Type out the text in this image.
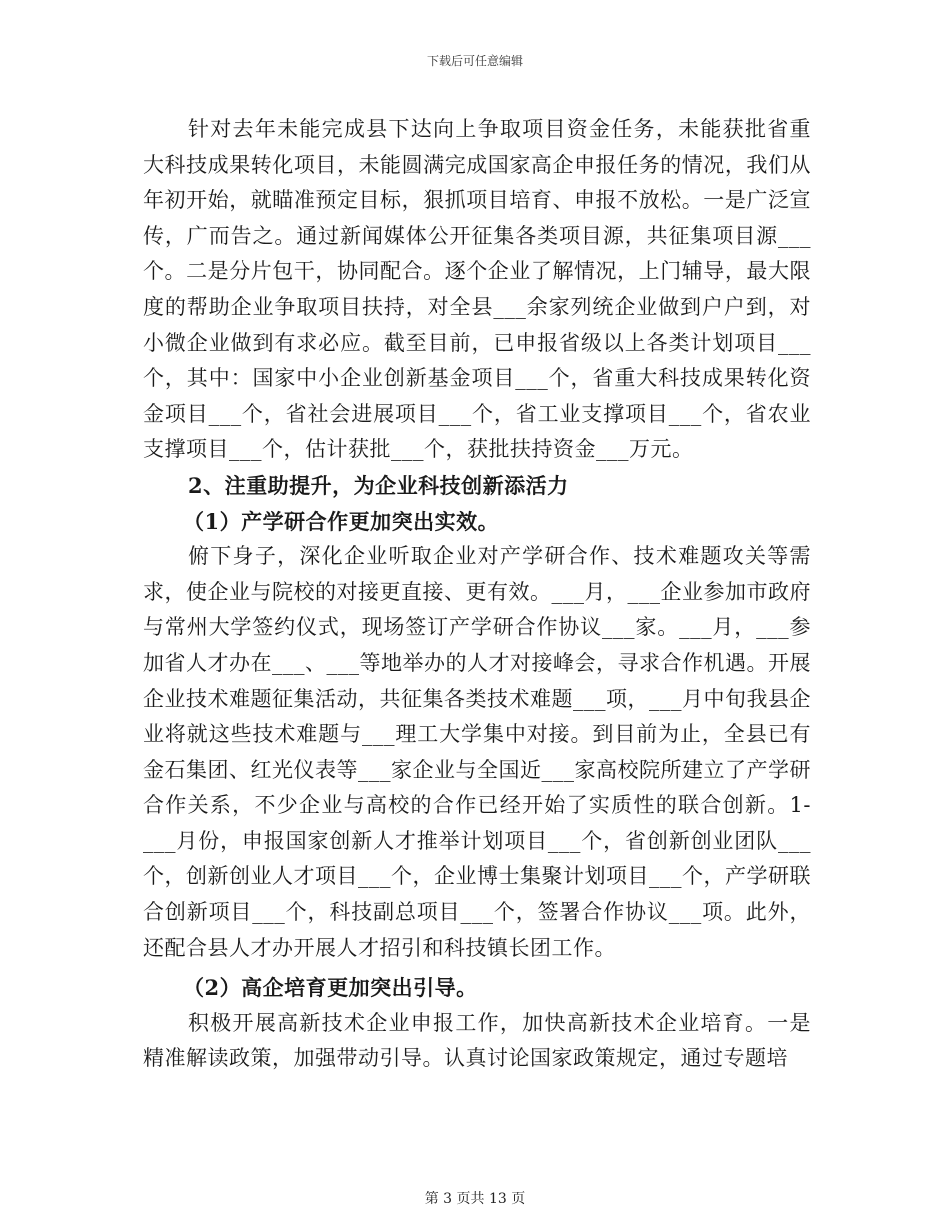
下载后可任意编辑

针对去年未能完成县下达向上争取项目资金任务，未能获批省重大科技成果转化项目，未能圆满完成国家高企申报任务的情况，我们从年初开始，就瞄准预定目标，狠抓项目培育、申报不放松。一是广泛宣传，广而告之。通过新闻媒体公开征集各类项目源，共征集项目源___个。二是分片包干，协同配合。逐个企业了解情况，上门辅导，最大限度的帮助企业争取项目扶持，对全县___余家列统企业做到户户到，对小微企业做到有求必应。截至目前，已申报省级以上各类计划项目___个，其中：国家中小企业创新基金项目___个，省重大科技成果转化资金项目___个，省社会进展项目___个，省工业支撑项目___个，省农业支撑项目___个，估计获批___个，获批扶持资金___万元。

2、注重助提升，为企业科技创新添活力

（1）产学研合作更加突出实效。

俯下身子，深化企业听取企业对产学研合作、技术难题攻关等需求，使企业与院校的对接更直接、更有效。___月，___企业参加市政府与常州大学签约仪式，现场签订产学研合作协议___家。___月，___参加省人才办在___、___等地举办的人才对接峰会，寻求合作机遇。开展企业技术难题征集活动，共征集各类技术难题___项，___月中旬我县企业将就这些技术难题与___理工大学集中对接。到目前为止，全县已有金石集团、红光仪表等___家企业与全国近___家高校院所建立了产学研合作关系，不少企业与高校的合作已经开始了实质性的联合创新。1-___月份，申报国家创新人才推举计划项目___个，省创新创业团队___个，创新创业人才项目___个，企业博士集聚计划项目___个，产学研联合创新项目___个，科技副总项目___个，签署合作协议___项。此外，还配合县人才办开展人才招引和科技镇长团工作。

（2）高企培育更加突出引导。

积极开展高新技术企业申报工作，加快高新技术企业培育。一是精准解读政策，加强带动引导。认真讨论国家政策规定，通过专题培

第 3 页共 13 页
